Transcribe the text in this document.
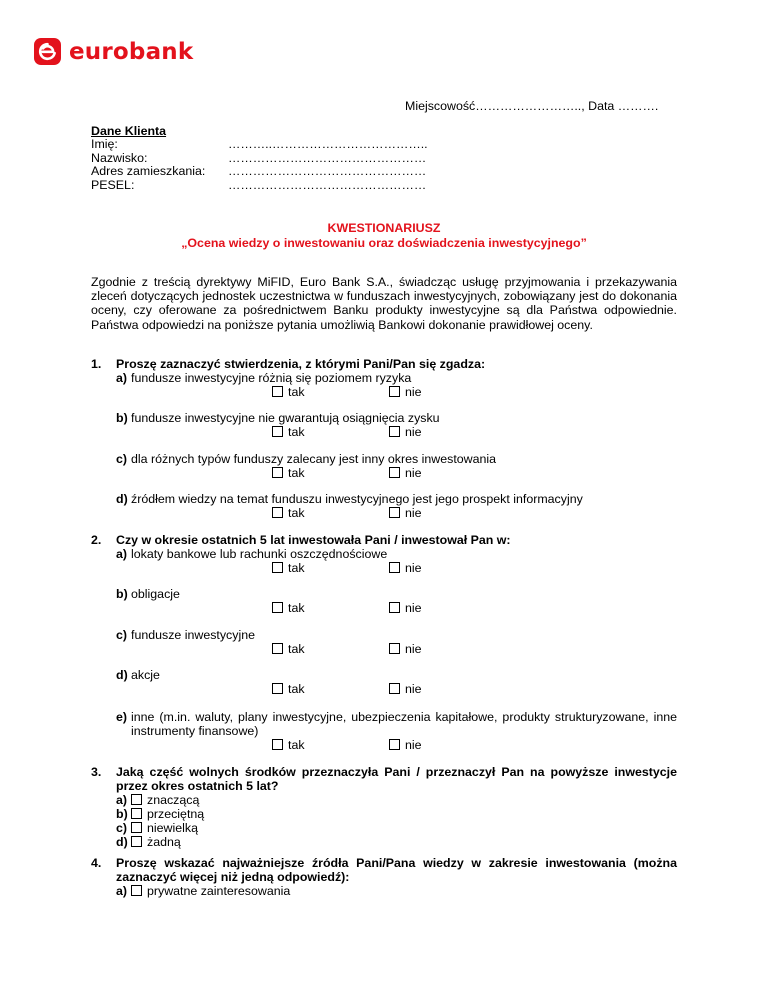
eurobank
Miejscowość…………………….., Data ……….
Dane Klienta
Imię:	………..………………………………..
Nazwisko:	…………………………………………
Adres zamieszkania:	…………………………………………
PESEL:	…………………………………………
KWESTIONARIUSZ
„Ocena wiedzy o inwestowaniu oraz doświadczenia inwestycyjnego”
Zgodnie z treścią dyrektywy MiFID, Euro Bank S.A., świadcząc usługę przyjmowania i przekazywania zleceń dotyczących jednostek uczestnictwa w funduszach inwestycyjnych, zobowiązany jest do dokonania oceny, czy oferowane za pośrednictwem Banku produkty inwestycyjne są dla Państwa odpowiednie. Państwa odpowiedzi na poniższe pytania umożliwią Bankowi dokonanie prawidłowej oceny.
1.	Proszę zaznaczyć stwierdzenia, z którymi Pani/Pan się zgadza:
a) fundusze inwestycyjne różnią się poziomem ryzyka
tak	nie
b) fundusze inwestycyjne nie gwarantują osiągnięcia zysku
tak	nie
c) dla różnych typów funduszy zalecany jest inny okres inwestowania
tak	nie
d) źródłem wiedzy na temat funduszu inwestycyjnego jest jego prospekt informacyjny
tak	nie
2.	Czy w okresie ostatnich 5 lat inwestowała Pani / inwestował Pan w:
a) lokaty bankowe lub rachunki oszczędnościowe
tak	nie
b) obligacje
tak	nie
c) fundusze inwestycyjne
tak	nie
d) akcje
tak	nie
e) inne (m.in. waluty, plany inwestycyjne, ubezpieczenia kapitałowe, produkty strukturyzowane, inne instrumenty finansowe)
tak	nie
3.	Jaką część wolnych środków przeznaczyła Pani / przeznaczył Pan na powyższe inwestycje przez okres ostatnich 5 lat?
a) znaczącą
b) przeciętną
c) niewielką
d) żadną
4.	Proszę wskazać najważniejsze źródła Pani/Pana wiedzy w zakresie inwestowania (można zaznaczyć więcej niż jedną odpowiedź):
a) prywatne zainteresowania
